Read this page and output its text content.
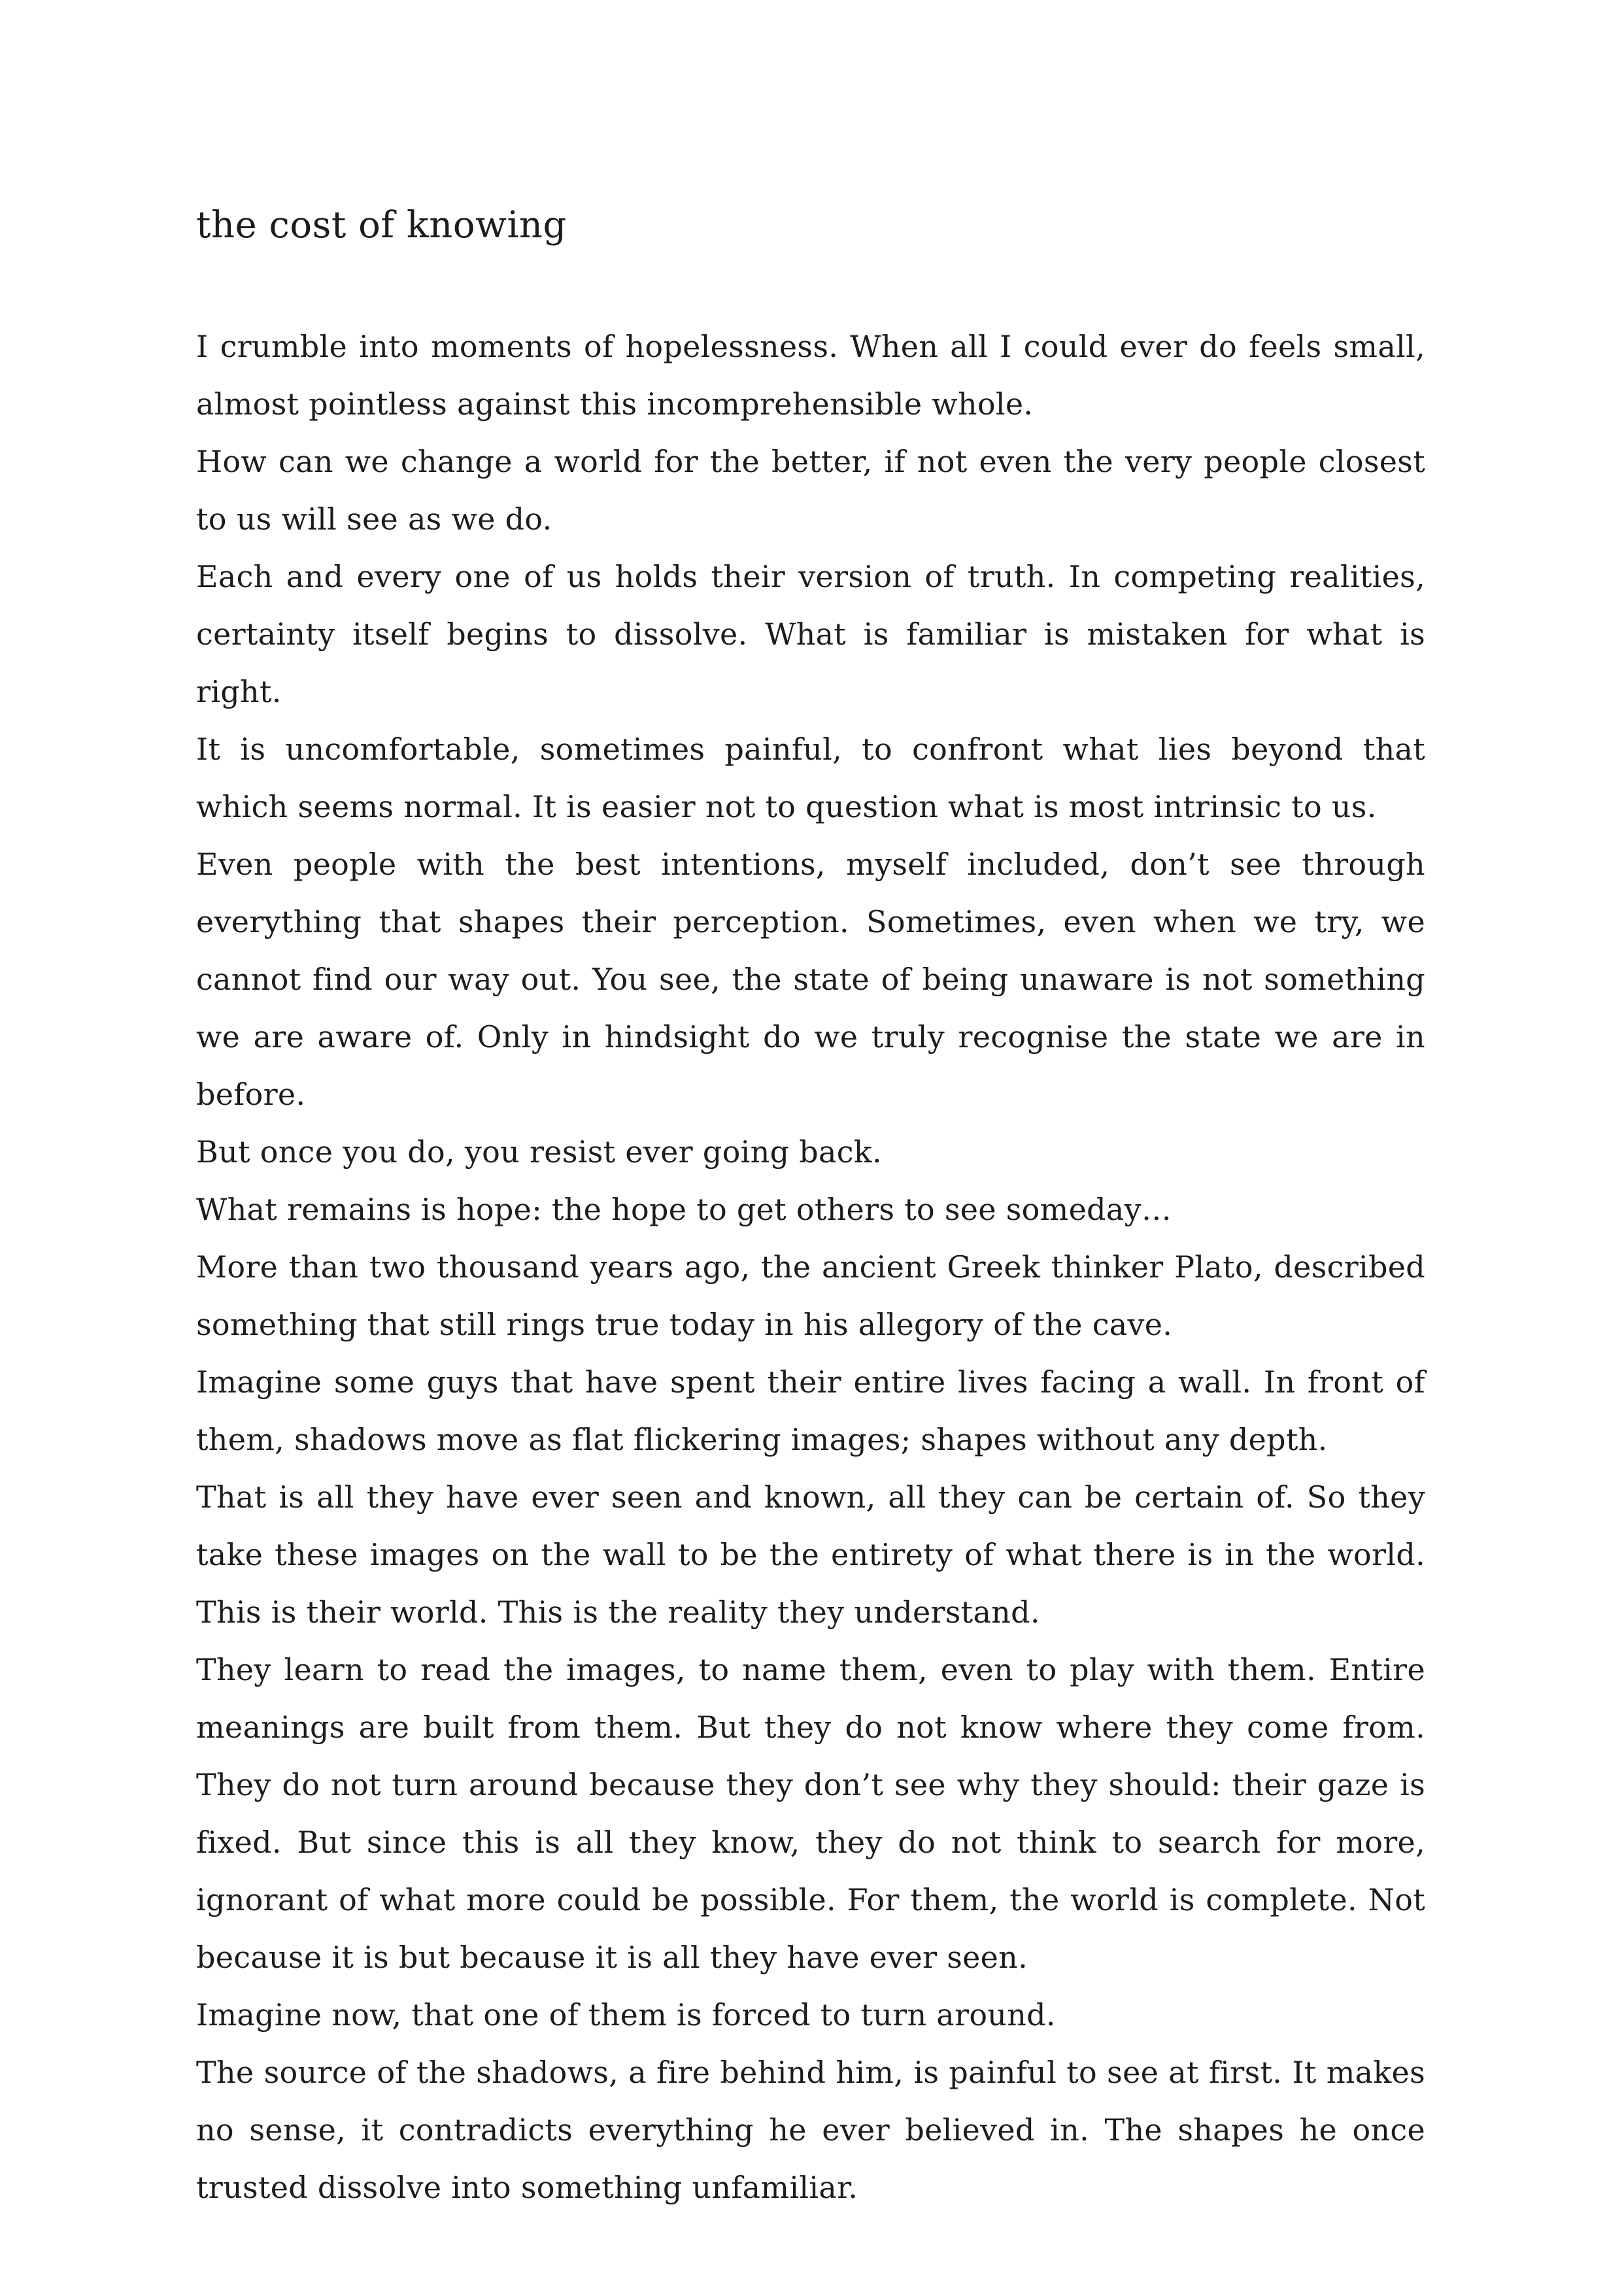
the cost of knowing

I crumble into moments of hopelessness. When all I could ever do feels small, almost pointless against this incomprehensible whole.

How can we change a world for the better, if not even the very people closest to us will see as we do.

Each and every one of us holds their version of truth. In competing realities, certainty itself begins to dissolve. What is familiar is mistaken for what is right.

It is uncomfortable, sometimes painful, to confront what lies beyond that which seems normal. It is easier not to question what is most intrinsic to us.

Even people with the best intentions, myself included, don’t see through everything that shapes their perception. Sometimes, even when we try, we cannot find our way out. You see, the state of being unaware is not something we are aware of. Only in hindsight do we truly recognise the state we are in before.

But once you do, you resist ever going back.

What remains is hope: the hope to get others to see someday…

More than two thousand years ago, the ancient Greek thinker Plato, described something that still rings true today in his allegory of the cave.

Imagine some guys that have spent their entire lives facing a wall. In front of them, shadows move as flat flickering images; shapes without any depth.

That is all they have ever seen and known, all they can be certain of. So they take these images on the wall to be the entirety of what there is in the world. This is their world. This is the reality they understand.

They learn to read the images, to name them, even to play with them. Entire meanings are built from them. But they do not know where they come from. They do not turn around because they don’t see why they should: their gaze is fixed. But since this is all they know, they do not think to search for more, ignorant of what more could be possible. For them, the world is complete. Not because it is but because it is all they have ever seen.

Imagine now, that one of them is forced to turn around.

The source of the shadows, a fire behind him, is painful to see at first. It makes no sense, it contradicts everything he ever believed in. The shapes he once trusted dissolve into something unfamiliar.
